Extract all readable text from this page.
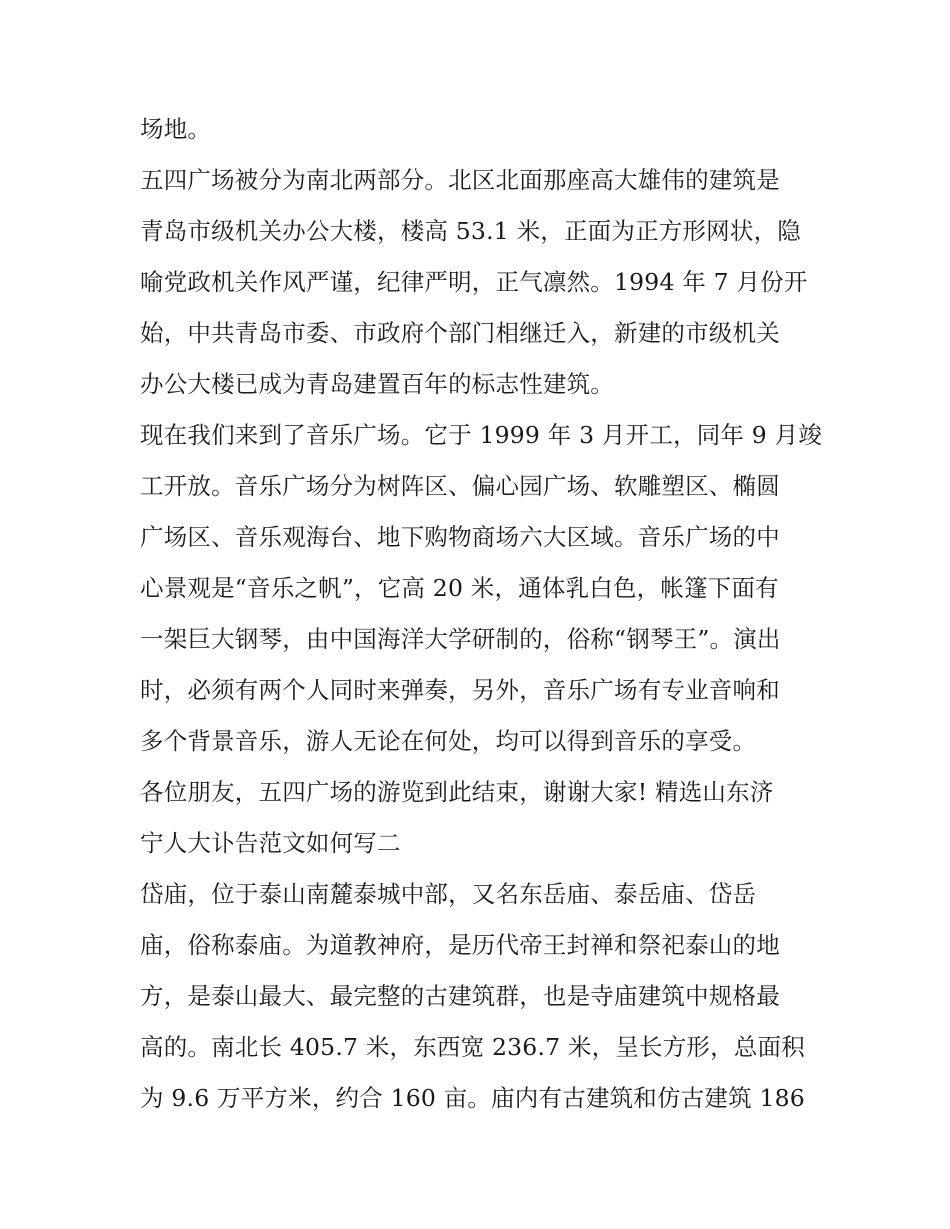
场地。
五四广场被分为南北两部分。北区北面那座高大雄伟的建筑是
青岛市级机关办公大楼，楼高 53.1 米，正面为正方形网状，隐
喻党政机关作风严谨，纪律严明，正气凛然。1994 年 7 月份开
始，中共青岛市委、市政府个部门相继迁入，新建的市级机关
办公大楼已成为青岛建置百年的标志性建筑。
现在我们来到了音乐广场。它于 1999 年 3 月开工，同年 9 月竣
工开放。音乐广场分为树阵区、偏心园广场、软雕塑区、椭圆
广场区、音乐观海台、地下购物商场六大区域。音乐广场的中
心景观是“音乐之帆”，它高 20 米，通体乳白色，帐篷下面有
一架巨大钢琴，由中国海洋大学研制的，俗称“钢琴王”。演出
时，必须有两个人同时来弹奏，另外，音乐广场有专业音响和
多个背景音乐，游人无论在何处，均可以得到音乐的享受。
各位朋友，五四广场的游览到此结束，谢谢大家! 精选山东济
宁人大讣告范文如何写二
岱庙，位于泰山南麓泰城中部，又名东岳庙、泰岳庙、岱岳
庙，俗称泰庙。为道教神府，是历代帝王封禅和祭祀泰山的地
方，是泰山最大、最完整的古建筑群，也是寺庙建筑中规格最
高的。南北长 405.7 米，东西宽 236.7 米，呈长方形，总面积
为 9.6 万平方米，约合 160 亩。庙内有古建筑和仿古建筑 186
